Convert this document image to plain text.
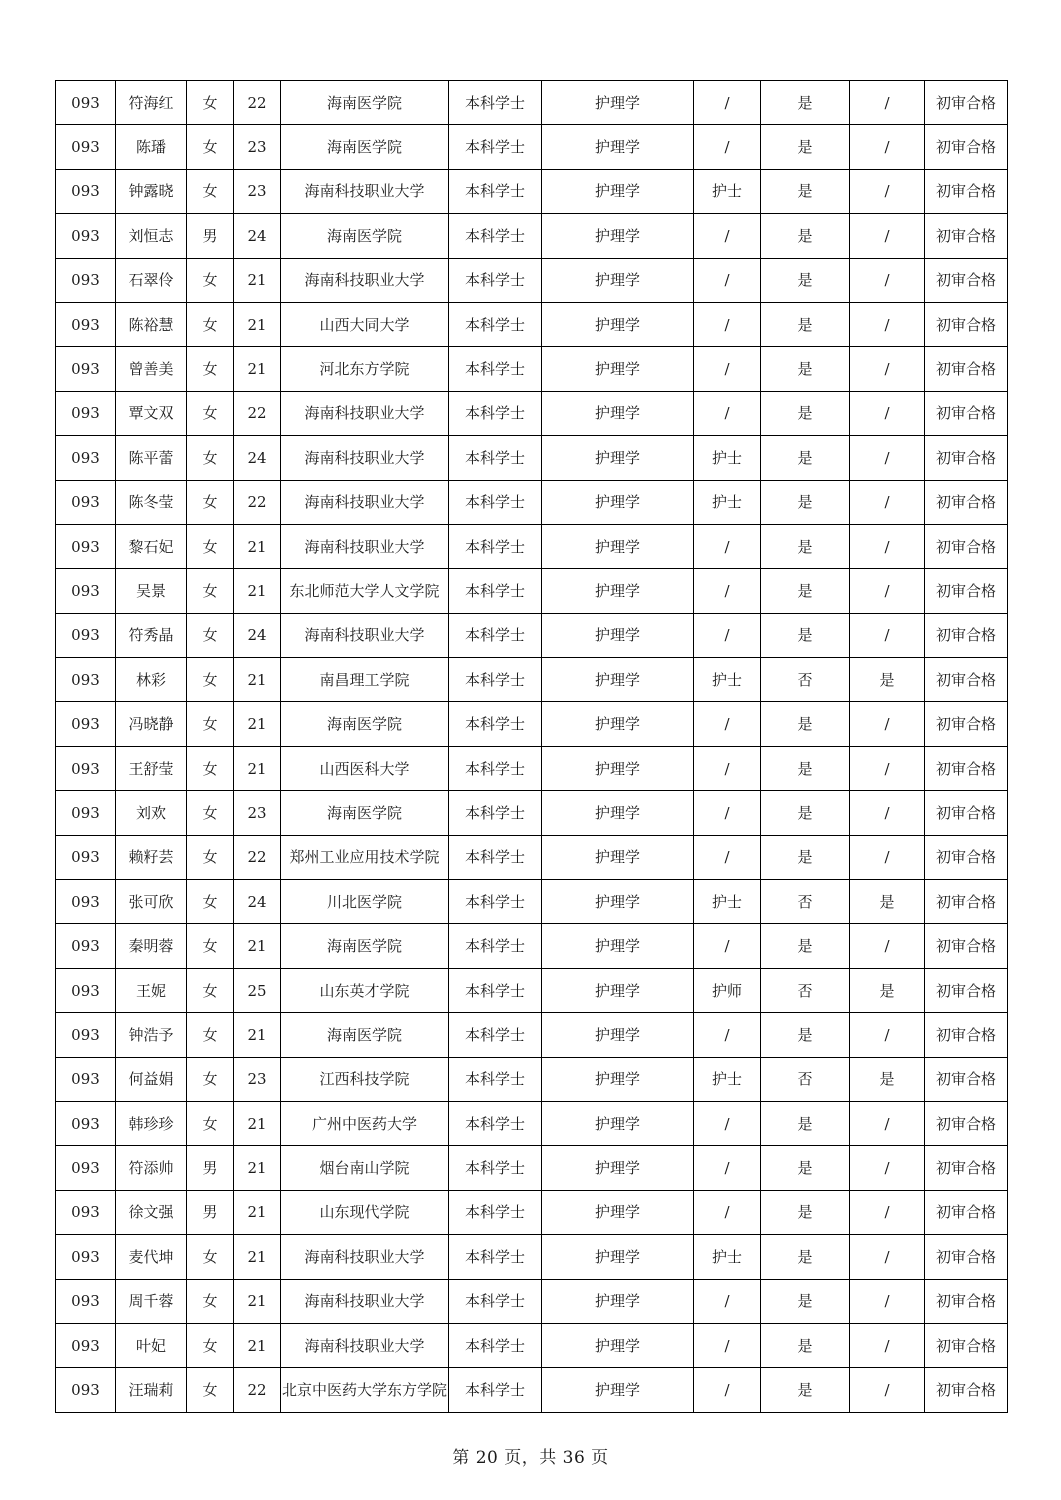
093	符海红	女	22	海南医学院	本科学士	护理学	/	是	/	初审合格
093	陈璠	女	23	海南医学院	本科学士	护理学	/	是	/	初审合格
093	钟露晓	女	23	海南科技职业大学	本科学士	护理学	护士	是	/	初审合格
093	刘恒志	男	24	海南医学院	本科学士	护理学	/	是	/	初审合格
093	石翠伶	女	21	海南科技职业大学	本科学士	护理学	/	是	/	初审合格
093	陈裕慧	女	21	山西大同大学	本科学士	护理学	/	是	/	初审合格
093	曾善美	女	21	河北东方学院	本科学士	护理学	/	是	/	初审合格
093	覃文双	女	22	海南科技职业大学	本科学士	护理学	/	是	/	初审合格
093	陈平蕾	女	24	海南科技职业大学	本科学士	护理学	护士	是	/	初审合格
093	陈冬莹	女	22	海南科技职业大学	本科学士	护理学	护士	是	/	初审合格
093	黎石妃	女	21	海南科技职业大学	本科学士	护理学	/	是	/	初审合格
093	吴景	女	21	东北师范大学人文学院	本科学士	护理学	/	是	/	初审合格
093	符秀晶	女	24	海南科技职业大学	本科学士	护理学	/	是	/	初审合格
093	林彩	女	21	南昌理工学院	本科学士	护理学	护士	否	是	初审合格
093	冯晓静	女	21	海南医学院	本科学士	护理学	/	是	/	初审合格
093	王舒莹	女	21	山西医科大学	本科学士	护理学	/	是	/	初审合格
093	刘欢	女	23	海南医学院	本科学士	护理学	/	是	/	初审合格
093	赖籽芸	女	22	郑州工业应用技术学院	本科学士	护理学	/	是	/	初审合格
093	张可欣	女	24	川北医学院	本科学士	护理学	护士	否	是	初审合格
093	秦明蓉	女	21	海南医学院	本科学士	护理学	/	是	/	初审合格
093	王妮	女	25	山东英才学院	本科学士	护理学	护师	否	是	初审合格
093	钟浩予	女	21	海南医学院	本科学士	护理学	/	是	/	初审合格
093	何益娟	女	23	江西科技学院	本科学士	护理学	护士	否	是	初审合格
093	韩珍珍	女	21	广州中医药大学	本科学士	护理学	/	是	/	初审合格
093	符添帅	男	21	烟台南山学院	本科学士	护理学	/	是	/	初审合格
093	徐文强	男	21	山东现代学院	本科学士	护理学	/	是	/	初审合格
093	麦代坤	女	21	海南科技职业大学	本科学士	护理学	护士	是	/	初审合格
093	周千蓉	女	21	海南科技职业大学	本科学士	护理学	/	是	/	初审合格
093	叶妃	女	21	海南科技职业大学	本科学士	护理学	/	是	/	初审合格
093	汪瑞莉	女	22	北京中医药大学东方学院	本科学士	护理学	/	是	/	初审合格
第 20 页，共 36 页
